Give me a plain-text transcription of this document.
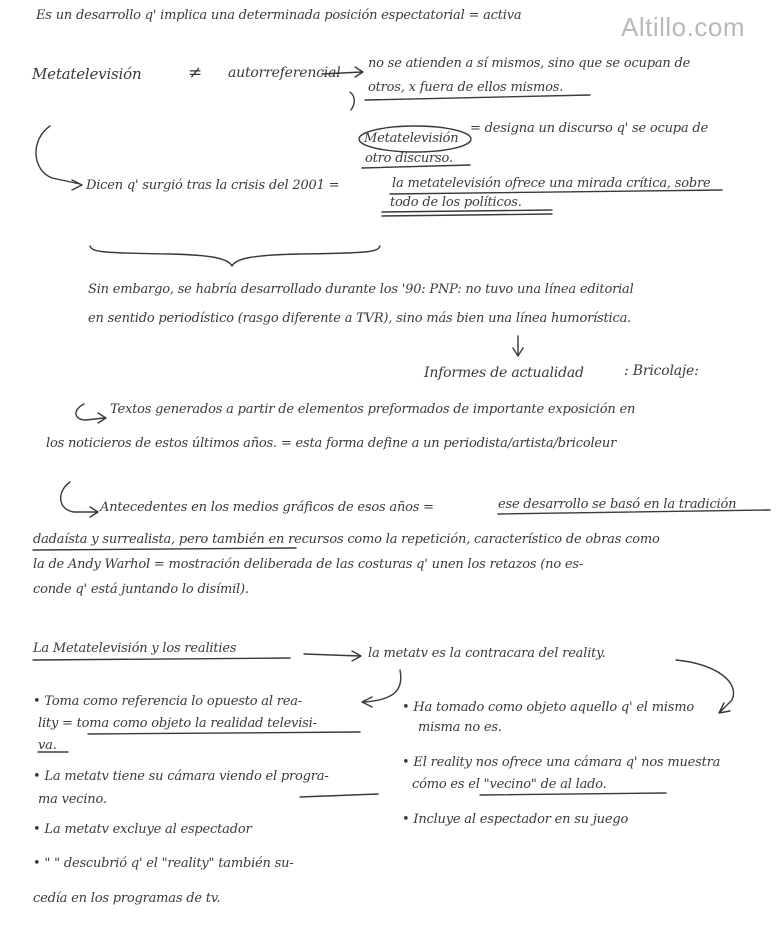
Altillo.com
Es un desarrollo q' implica una determinada posición espectatorial = activa
Metatelevisión	≠ autorreferencial
no se atienden a sí mismos, sino que se ocupan de
otros, x fuera de ellos mismos.
Metatelevisión
= designa un discurso q' se ocupa de
otro discurso.
Dicen q' surgió tras la crisis del 2001 =	la metatelevisión ofrece una mirada crítica, sobre
todo de los políticos.
Sin embargo, se habría desarrollado durante los '90: PNP: no tuvo una línea editorial
en sentido periodístico (rasgo diferente a TVR), sino más bien una línea humorística.
Informes de actualidad	: Bricolaje:
Textos generados a partir de elementos preformados de importante exposición en
los noticieros de estos últimos años. = esta forma define a un periodista/artista/bricoleur
Antecedentes en los medios gráficos de esos años =	ese desarrollo se basó en la tradición
dadaísta y surrealista, pero también en recursos como la repetición, característico de obras como
la de Andy Warhol = mostración deliberada de las costuras q' unen los retazos (no es-
conde q' está juntando lo disímil).
La Metatelevisión y los realities	la metatv es la contracara del reality.
• Toma como referencia lo opuesto al rea-
lity = toma como objeto la realidad televisi-
va.
• La metatv tiene su cámara viendo el progra-
ma vecino.
• La metatv excluye al espectador
• " " descubrió q' el "reality" también su-
cedía en los programas de tv.
• Ha tomado como objeto aquello q' el mismo
misma no es.
• El reality nos ofrece una cámara q' nos muestra
cómo es el "vecino" de al lado.
• Incluye al espectador en su juego
